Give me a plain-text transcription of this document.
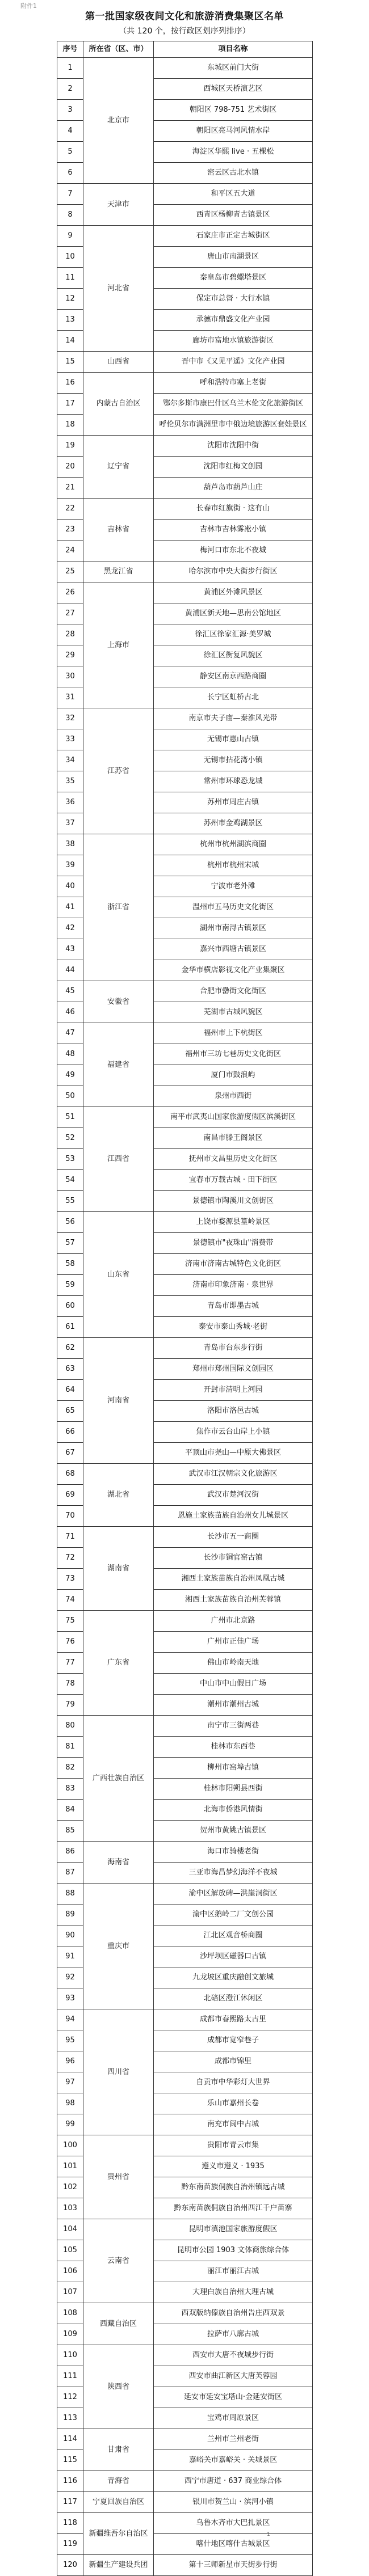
附件1
第一批国家级夜间文化和旅游消费集聚区名单
（共 120 个，按行政区划序列排序）
序号	所在省（区、市）	项目名称
1	北京市	东城区前门大街
2		西城区天桥演艺区
3		朝阳区 798-751 艺术街区
4		朝阳区亮马河风情水岸
5		海淀区华熙 live · 五棵松
6		密云区古北水镇
7	天津市	和平区五大道
8		西青区杨柳青古镇景区
9	河北省	石家庄市正定古城街区
10		唐山市南湖景区
11		秦皇岛市碧螺塔景区
12		保定市总督 · 大行水镇
13		承德市鼎盛文化产业园
14		廊坊市富地水镇旅游街区
15	山西省	晋中市《又见平遥》文化产业园
16	内蒙古自治区	呼和浩特市塞上老街
17		鄂尔多斯市康巴什区乌兰木伦文化旅游街区
18		呼伦贝尔市满洲里市中俄边境旅游区套娃景区
19	辽宁省	沈阳市沈阳中街
20		沈阳市红梅文创园
21		葫芦岛市葫芦山庄
22	吉林省	长春市红旗街 · 这有山
23		吉林市吉林雾凇小镇
24		梅河口市东北不夜城
25	黑龙江省	哈尔滨市中央大街步行街区
26	上海市	黄浦区外滩风景区
27		黄浦区新天地—思南公馆地区
28		徐汇区徐家汇源·美罗城
29		徐汇区衡复风貌区
30		静安区南京西路商圈
31		长宁区虹桥古北
32	江苏省	南京市夫子庙—秦淮风光带
33		无锡市惠山古镇
34		无锡市拈花湾小镇
35		常州市环球恐龙城
36		苏州市周庄古镇
37		苏州市金鸡湖景区
38	浙江省	杭州市杭州湖滨商圈
39		杭州市杭州宋城
40		宁波市老外滩
41		温州市五马历史文化街区
42		湖州市南浔古镇景区
43		嘉兴市西塘古镇景区
44		金华市横店影视文化产业集聚区
45	安徽省	合肥市罍街文化街区
46		芜湖市古城风貌区
47	福建省	福州市上下杭街区
48		福州市三坊七巷历史文化街区
49		厦门市鼓浪屿
50		泉州市西街
51	江西省	南平市武夷山国家旅游度假区滨溪街区
52		南昌市滕王阁景区
53		抚州市文昌里历史文化街区
54		宜春市万载古城 · 田下街区
55		景德镇市陶溪川文创街区
56	山东省	上饶市婺源县篁岭景区
57		景德镇市"夜珠山"消费带
58		济南市济南古城特色文化街区
59		济南市印象济南 · 泉世界
60		青岛市即墨古城
61		泰安市泰山秀城·老街
62	河南省	青岛市台东步行街
63		郑州市郑州国际文创园区
64		开封市清明上河园
65		洛阳市洛邑古城
66		焦作市云台山岸上小镇
67		平顶山市尧山—中原大佛景区
68	湖北省	武汉市江汉朝宗文化旅游区
69		武汉市楚河汉街
70		恩施土家族苗族自治州女儿城景区
71	湖南省	长沙市五一商圈
72		长沙市铜官窑古镇
73		湘西土家族苗族自治州凤凰古城
74		湘西土家族苗族自治州芙蓉镇
75	广东省	广州市北京路
76		广州市正佳广场
77		佛山市岭南天地
78		中山市中山假日广场
79		潮州市潮州古城
80	广西壮族自治区	南宁市三街两巷
81		桂林市东西巷
82		柳州市窑埠古镇
83		桂林市阳朔县西街
84		北海市侨港风情街
85		贺州市黄姚古镇景区
86	海南省	海口市骑楼老街
87		三亚市海昌梦幻海洋不夜城
88	重庆市	渝中区解放碑—洪崖洞街区
89		渝中区鹅岭二厂文创公园
90		江北区观音桥商圈
91		沙坪坝区磁器口古镇
92		九龙坡区重庆融创文旅城
93		北碚区澄江休闲区
94	四川省	成都市春熙路太古里
95		成都市宽窄巷子
96		成都市锦里
97		自贡市中华彩灯大世界
98		乐山市嘉州长卷
99		南充市阆中古城
100	贵州省	贵阳市青云市集
101		遵义市遵义 · 1935
102		黔东南苗族侗族自治州镇远古城
103		黔东南苗族侗族自治州西江千户苗寨
104	云南省	昆明市滇池国家旅游度假区
105		昆明市公园 1903 文体商旅综合体
106		丽江市丽江古城
107		大理白族自治州大理古城
108	西藏自治区	西双版纳傣族自治州告庄西双景
109		拉萨市八廓古城
110	陕西省	西安市大唐不夜城步行街
111		西安市曲江新区大唐芙蓉园
112		延安市延安宝塔山·金延安街区
113		宝鸡市周原景区
114	甘肃省	兰州市兰州老街
115		嘉峪关市嘉峪关 · 关城景区
116	青海省	西宁市唐道 · 637 商业综合体
117	宁夏回族自治区	银川市贺兰山 · 滨河小镇
118	新疆维吾尔自治区	乌鲁木齐市大巴扎景区
119		喀什地区喀什古城景区
120	新疆生产建设兵团	第十三师新星市天街步行街
1
